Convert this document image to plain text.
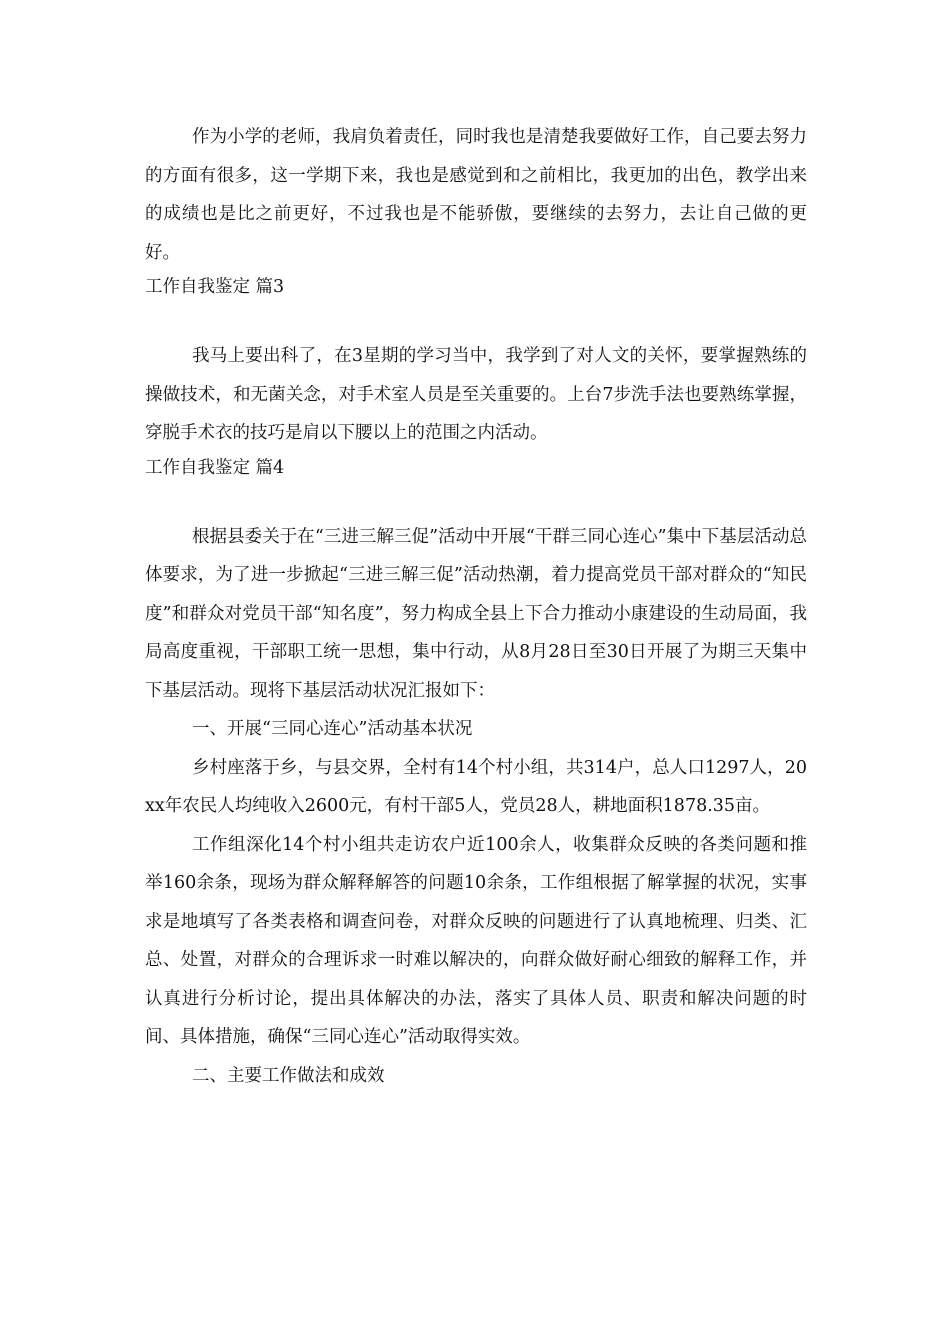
作为小学的老师，我肩负着责任，同时我也是清楚我要做好工作，自己要去努力的方面有很多，这一学期下来，我也是感觉到和之前相比，我更加的出色，教学出来的成绩也是比之前更好，不过我也是不能骄傲，要继续的去努力，去让自己做的更好。

工作自我鉴定 篇3

我马上要出科了，在3星期的学习当中，我学到了对人文的关怀，要掌握熟练的操做技术，和无菌关念，对手术室人员是至关重要的。上台7步洗手法也要熟练掌握，穿脱手术衣的技巧是肩以下腰以上的范围之内活动。

工作自我鉴定 篇4

根据县委关于在“三进三解三促”活动中开展“干群三同心连心”集中下基层活动总体要求，为了进一步掀起“三进三解三促”活动热潮，着力提高党员干部对群众的“知民度”和群众对党员干部“知名度”，努力构成全县上下合力推动小康建设的生动局面，我局高度重视，干部职工统一思想，集中行动，从8月28日至30日开展了为期三天集中下基层活动。现将下基层活动状况汇报如下：

一、开展“三同心连心”活动基本状况

乡村座落于乡，与县交界，全村有14个村小组，共314户，总人口1297人，20xx年农民人均纯收入2600元，有村干部5人，党员28人，耕地面积1878.35亩。

工作组深化14个村小组共走访农户近100余人，收集群众反映的各类问题和推举160余条，现场为群众解释解答的问题10余条，工作组根据了解掌握的状况，实事求是地填写了各类表格和调查问卷，对群众反映的问题进行了认真地梳理、归类、汇总、处置，对群众的合理诉求一时难以解决的，向群众做好耐心细致的解释工作，并认真进行分析讨论，提出具体解决的办法，落实了具体人员、职责和解决问题的时间、具体措施，确保“三同心连心”活动取得实效。

二、主要工作做法和成效
